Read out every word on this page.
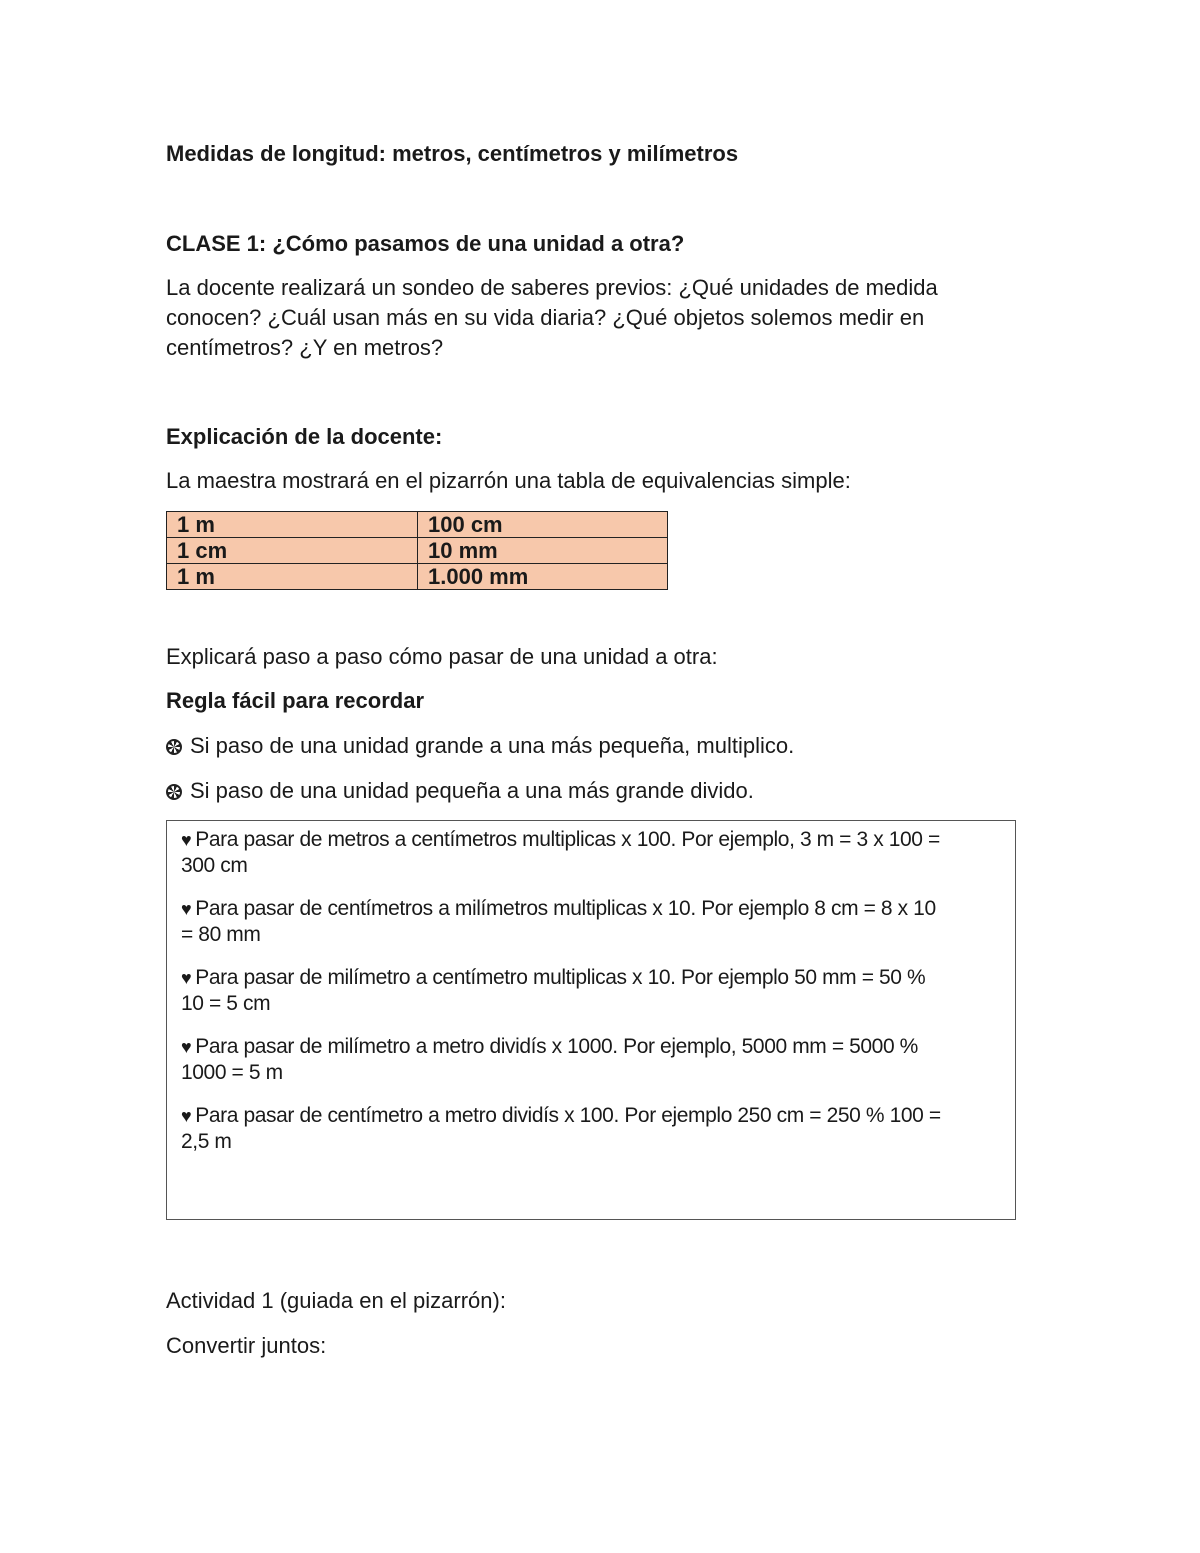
Medidas de longitud: metros, centímetros y milímetros

CLASE 1: ¿Cómo pasamos de una unidad a otra?

La docente realizará un sondeo de saberes previos: ¿Qué unidades de medida
conocen? ¿Cuál usan más en su vida diaria? ¿Qué objetos solemos medir en
centímetros? ¿Y en metros?

Explicación de la docente:

La maestra mostrará en el pizarrón una tabla de equivalencias simple:

1 m	100 cm
1 cm	10 mm
1 m	1.000 mm

Explicará paso a paso cómo pasar de una unidad a otra:

Regla fácil para recordar

Si paso de una unidad grande a una más pequeña, multiplico.

Si paso de una unidad pequeña a una más grande divido.

♥ Para pasar de metros a centímetros multiplicas x 100. Por ejemplo, 3 m = 3 x 100 =
300 cm
♥ Para pasar de centímetros a milímetros multiplicas x 10. Por ejemplo 8 cm = 8 x 10
= 80 mm
♥ Para pasar de milímetro a centímetro multiplicas x 10. Por ejemplo 50 mm = 50 %
10 = 5 cm
♥ Para pasar de milímetro a metro dividís x 1000. Por ejemplo, 5000 mm = 5000 %
1000 = 5 m
♥ Para pasar de centímetro a metro dividís x 100. Por ejemplo 250 cm = 250 % 100 =
2,5 m

Actividad 1 (guiada en el pizarrón):

Convertir juntos:
